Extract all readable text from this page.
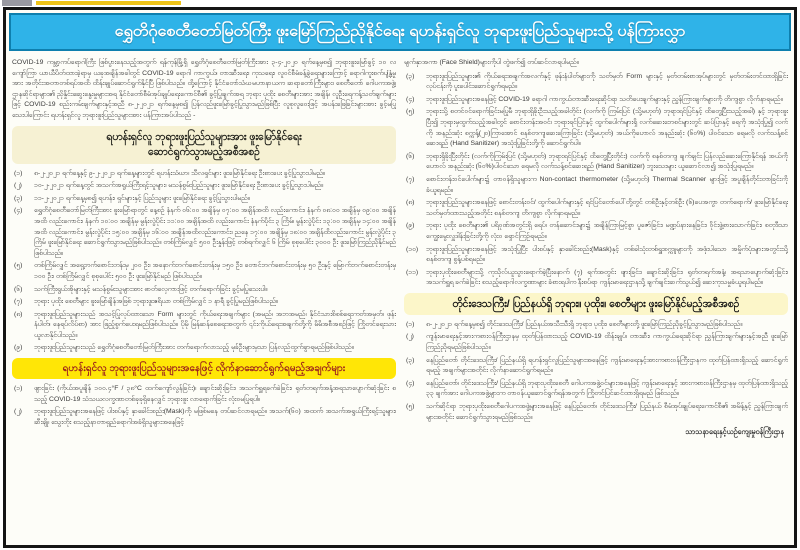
ရွှေတိဂုံစေတီတော်မြတ်ကြီး ဖူးမြော်ကြည်ညိုနိုင်ရေး ရဟန်းရှင်လူ ဘုရားဖူးပြည်သူများသို့ ပန်ကြားလွှာ

COVID-19 ကမ္ဘာ့ကပ်ရောဂါကြီး ဖြစ်ပွားနေသည့်အတွက် ရန်ကုန်မြို့ရှိ ရွှေတိဂုံစေတီတော်မြတ်ကြီးအား ၃-၄-၂၀၂၀ ရက်နေ့မှစ၍ ဘုရားဖူးမြော်ခွင့် ၁၀ လကျော်ကြာ ယာယီပိတ်ထားခဲ့ရာမှ ယခုအချိန်အခါတွင် COVID-19 ရောဂါ ကာကွယ်၊ တားဆီးရေး၊ ကုသရေး၊ လူဝင်စီမံခန့်ခွဲရေးများကြောင့် ရောဂါကူးစက်ပျံ့နှံ့မှုအား အတိုင်းအတာတစ်ရပ်အထိ ထိန်းချုပ်ဆောင်ရွက်နိုင်ပြီ ဖြစ်ပါသည်။ ထို့ကြောင့် နိုင်ငံတော်သံဃမဟာနာယက ဆရာတော်ကြီးများ၊ စေတီတော် ဂေါပကအဖွဲ့၊ ဌာနဆိုင်ရာများ၏ ညှိနှိုင်းဆွေးနွေးမှုများအရ နိုင်ငံတော်စီမံအုပ်ချုပ်ရေးကောင်စီ၏ ခွင့်ပြုချက်အရ ဘုရား ပုထိုး စေတီများအား အချိန်၊ လူဦးရေကန့်သတ်ချက်များဖြင့် COVID-19 စည်းကမ်းချက်များနှင့်အညီ ၈-၂-၂၀၂၁ ရက်နေ့မှစ၍ ပြန်လည်ဖူးမြော်ခွင့်ပြုသွားမည်ဖြစ်ပြီး လူစုလူဝေးဖြင့် အပန်းဖြေခြင်းများအား ခွင့်မပြုသေးပါကြောင်း ရဟန်းရှင်လူ ဘုရားဖူးပြည်သူများအား ပန်ကြားအပ်ပါသည် -

ရဟန်းရှင်လူ ဘုရားဖူးပြည်သူများအား ဖူးမြော်နိုင်ရေး
ဆောင်ရွက်သွားမည့်အစီအစဉ်
(၁)	၈-၂-၂၀၂၁ ရက်နေ့နှင့် ၉-၂-၂၀၂၁ ရက်နေ့များတွင် ရဟန်းသံဃာ၊ သီလရှင်များ ဖူးမြော်နိုင်ရေး ဦးစားပေး ခွင့်ပြုသွားပါမည်။
(၂)	၁၀-၂-၂၀၂၁ ရက်နေ့တွင် အသက်အရွယ်ကြီးရင့်သူများ၊ မသန်စွမ်းပြည်သူများ ဖူးမြော်နိုင်ရေး ဦးစားပေး ခွင့်ပြုသွားပါမည်။
(၃)	၁၁-၂-၂၀၂၁ ရက်နေ့မှစ၍ ရဟန်း၊ ရှင်များနှင့် ပြည်သူများ ဖူးမြော်နိုင်ရေး ခွင့်ပြုသွားပါမည်။
(၄)	ရွှေတိဂုံစေတီတော်မြတ်ကြီးအား ဖူးမြော်ရာတွင် နေ့စဉ် နံနက် ၀၆:၀၀ အချိန်မှ ၀၇:၀၀ အချိန်အထိ လည်းကောင်း၊ နံနက် ၀၈:၀၀ အချိန်မှ ၀၉:၀၀ အချိန်အထိ လည်းကောင်း၊ နံနက် ၁၀:၀၀ အချိန်မှ မွန်းလွဲပိုင်း ၁၁:၀၀ အချိန်အထိ လည်းကောင်း နံနက်ပိုင်း ၃ ကြိမ်၊ မွန်းလွဲပိုင်း ၁၃:၀၀ အချိန်မှ ၁၄:၀၀ အချိန်အထိ လည်းကောင်း၊ မွန်းလွဲပိုင်း ၁၅:၀၀ အချိန်မှ ၁၆:၀၀ အချိန်အထိလည်းကောင်း၊ ညနေ ၁၇:၀၀ အချိန်မှ ၁၈:၀၀ အချိန်ထိလည်းကောင်း မွန်းလွဲပိုင်း ၃ ကြိမ် ဖူးမြော်နိုင်ရေး ဆောင်ရွက်သွားမည်ဖြစ်ပါသည်။ တစ်ကြိမ်လျှင် ၅၀၀ ဦးနှုန်းဖြင့် တစ်ရက်လျှင် ၆ ကြိမ် စုစုပေါင်း ၃၀၀၀ ဦး ဖူးမြော်ကြည်ညိုနိုင်မည်ဖြစ်ပါသည်။
(၅)	တစ်ကြိမ်လျှင် အရှေ့ဘက်စောင်းတန်းမှ ၂၀၀ ဦး၊ အနောက်ဘက်စောင်းတန်းမှ ၁၅၀ ဦး၊ တောင်ဘက်စောင်းတန်းမှ ၅၀ ဦးနှင့် မြောက်ဘက်စောင်းတန်းမှ ၁၀၀ ဦး၊ တစ်ကြိမ်လျှင် စုစုပေါင်း ၅၀၀ ဦး ဖူးမြော်နိုင်မည် ဖြစ်ပါသည်။
(၆)	သက်ကြီးရွယ်အိုများနှင့် မသန်စွမ်းသူများအား ဓာတ်လှေကားဖြင့် တက်ရောက်ခြင်း ခွင့်မပြုသေးပါ။
(၇)	ဘုရား ပုထိုး စေတီများ ဖူးမြော်ချိန်အဖြစ် ဘုရားဖူးဧရိယာ တစ်ကြိမ်လျှင် ၁ နာရီ ခွင့်ပြုမည်ဖြစ်ပါသည်။
(၈)	ဘုရားဖူးပြည်သူများသည် အသင့်ပြုလုပ်ထားသော Form များတွင် ကိုယ်ရေးအချက်များ (အမည်၊ အဘအမည်၊ နိုင်ငံသားစိစစ်ရေးကတ်အမှတ်၊ ဖုန်းနံပါတ်၊ နေရပ်လိပ်စာ) အား ဖြည့်စွက်ပေးရမည်ဖြစ်ပါသည်။ ပိုမို မြန်ဆန်စေရေးအတွက် ၎င်းကိုယ်ရေးအချက်တို့ကို မိမိအစီအစဉ်ဖြင့် ကြိုတင်ရေးသားယူလာနိုင်ပါသည်။
(၉)	ဘုရားဖူးပြည်သူများသည် ရွှေတိဂုံစေတီတော်မြတ်ကြီးအား တက်ရောက်လာသည့် မုခ်ဦးများမှသာ ပြန်လည်ထွက်ခွာရမည်ဖြစ်ပါသည်။
ရဟန်းရှင်လူ ဘုရားဖူးပြည်သူများအနေဖြင့် လိုက်နာဆောင်ရွက်ရမည့်အချက်များ
(၁)	ဖျားခြင်း (ကိုယ်အပူချိန် ၁၀၀.၄°F / ၃၈°C ထက်ကျော်လွန်ခြင်း)၊ ချောင်းဆိုးခြင်း၊ အသက်ရှူရခက်ခဲခြင်း၊ ရုတ်တရက်အနံ့အရသာပျောက်ဆုံးခြင်း စသည့် COVID-19 သံသယလက္ခဏာတစ်ခုခုရှိနေလျှင် ဘုရားဖူး လာရောက်ခြင်း လုံးဝမပြုရပါ။
(၂)	ဘုရားဖူးပြည်သူများအနေဖြင့် ပါးစပ်နှင့် နှာခေါင်းစည်း(Mask)ကို မဖြစ်မနေ တပ်ဆင်လာရမည်။ အသက်(၆၀) အထက် အသက်အရွယ်ကြီးရင့်သူများ၊ ဆီးချို၊ သွေးတိုး စသည့်နာတာရှည်ရောဂါအခံရှိသူများအနေဖြင့်

မျက်နှာအကာ (Face Shield)များကိုပါ တွဲဖက်၍ တပ်ဆင်လာရပါမည်။

(၃)	ဘုရားဖူးပြည်သူများ၏ ကိုယ်ရေးအချက်အလက်နှင့် ဖုန်းနံပါတ်များကို သတ်မှတ် Form များနှင့် မှတ်တမ်းစာအုပ်များတွင် မှတ်တမ်းတင်ထားရှိခြင်းလုပ်ငန်းကို ပူးပေါင်းဆောင်ရွက်ရမည်။
(၄)	ဘုရားဖူးပြည်သူများအနေဖြင့် COVID-19 ရောဂါ ကာကွယ်တားဆီးရေးဆိုင်ရာ သတိပေးချက်များနှင့် ညွှန်ကြားချက်များကို တိကျစွာ လိုက်နာရမည်။
(၅)	ဘုရားသို့ စတင်ဝင်ရောက်ခြင်းမပြုမီ ဘုရားရှိခိုးဦးသည့်အခါတိုင်း (လက်ကို ကြမ်းပြင် (သို့မဟုတ်) ဘုရားရင်ပြင်နှင့် ထိတွေ့ပြီးသည့်အခါ) နှင့် ဘုရားဖူးပြီး၍ ဘုရားမှထွက်သည့်အခါတွင် စောင်းတန်းအဝင်၊ ဘုရားရင်ပြင်နှင့် ထွက်ပေါက်များရှိ လက်ဆေးဘေစင်များတွင် ဆပ်ပြာနှင့် ရေကို အသုံးပြု၍ လက်ကို အနည်းဆုံး စက္ကန့်(၂၀)ကြာအောင် စနစ်တကျဆေးကြောခြင်း (သို့မဟုတ်) အယ်ကိုဟောလ် အနည်းဆုံး (၆၀%) ပါဝင်သော ရေမလို လက်သန့်စင်ဆေးရည် (Hand Sanitizer) အသုံးပြုခြင်းတို့ကို ဆောင်ရွက်ပါ။
(၆)	ဘုရားရှိခိုးပြီးတိုင်း (လက်ကိုကြမ်းပြင် (သို့မဟုတ်) ဘုရားရင်ပြင်နှင့် ထိတွေ့ပြီးတိုင်း) လက်ကို စနစ်တကျ ချက်ချင်း ပြန်လည်ဆေးကြောနိုင်ရန် အယ်ကိုဟောလ် အနည်းဆုံး (၆၀%)ပါဝင်သော ရေမလို လက်သန့်စင်ဆေးရည် (Hand Sanitizer) ဘူးသေးများ ယူဆောင်လာ၍ အသုံးပြုရမည်။
(၇)	စောင်းတန်းဝင်ပေါက်များ၌ တာဝန်ရှိသူများက Non-contact thermometer (သို့မဟုတ်) Thermal Scanner များဖြင့် အပူချိန်တိုင်းတာခြင်းကို ခံယူရမည်။
(၈)	ဘုရားဖူးပြည်သူများအနေဖြင့် စောင်းတန်းဝင်/ ထွက်ပေါက်များနှင့် ရင်ပြင်တော်ပေါ်တို့တွင် တစ်ဦးနှင့်တစ်ဦး (၆)ပေအကွာ တက်ရောက်/ ဖူးမြော်နိုင်ရေး သတ်မှတ်ထားသည့်အတိုင်း စနစ်တကျ တိကျစွာ လိုက်နာရမည်။
(၉)	ဘုရား ပုထိုး စေတီများ၏ ပရိဝုဏ်အတွင်းရှိ ရေပ်၊ တန်ဆောင်းများ၌ အချိန်ကြာမြင့်စွာ ပူဇော်ခြင်း၊ မဏ္ဍပ်နားနေခြင်း၊ ဝိုင်းဖွဲ့စားသောက်ခြင်း၊ စတုဒီသာ ကျွေးမွေးလှူဒါန်းခြင်းတို့ကို လုံးဝ ရှောင်ကြဉ်ရမည်။
(၁၀)	ဘုရားဖူးပြည်သူများအနေဖြင့် အသုံးပြုပြီး ပါးစပ်နှင့် နှာခေါင်းစည်း(Mask)နှင့် တစ်ခါသုံးတစ်ရှူးစက္ကူများကို အဖုံးပါသော အမှိုက်ပုံးများအတွင်းသို့ စနစ်တကျ စွန့်ပစ်ရမည်။
(၁၁)	ဘုရားပုထိုးစေတီများသို့ ကုသိုလ်ယူသွားရောက်ခဲ့ပြီးနောက် (၇) ရက်အတွင်း ဖျားခြင်း၊ ချောင်းဆိုးခြင်း၊ ရုတ်တရက်အနံ့၊ အရသာပျောက်ဆုံးခြင်း၊ အသက်ရှူရ ခက်ခဲခြင်း စသည့်ရောဂါလက္ခဏာများ ခံစားရပါက နီးစပ်ရာ ကျန်းမာရေးဌာနသို့ ချက်ချင်းဆက်သွယ်၍ ဆေးကုသမှုခံယူရပါမည်။
တိုင်းဒေသကြီး/ ပြည်နယ်ရှိ ဘုရား။ ပုထိုး။ စေတီများ ဖူးမြော်နိုင်မည့်အစီအစဉ်
(၁)	၈-၂-၂၀၂၁ ရက်နေ့မှစ၍ တိုင်းဒေသကြီး/ ပြည်နယ်အသီးသီးရှိ ဘုရား၊ ပုထိုး၊ စေတီများတို့ ဖူးမြော်ကြည်ညိုခွင့်ပြုသွားမည်ဖြစ်ပါသည်။
(၂)	ကျန်းမာရေးနှင့်အားကစားဝန်ကြီးဌာနမှ ထုတ်ပြန်ထားသည့် COVID-19 ထိန်းချုပ်၊ တားဆီး၊ ကာကွယ်ရေးဆိုင်ရာ ညွှန်ကြားချက်များနှင့်အညီ ဖူးမြော်ကြည်ညိုရမည်ဖြစ်ပါသည်။
(၃)	နေပြည်တော် တိုင်းဒေသကြီး/ ပြည်နယ်ရှိ ရဟန်းရှင်လူပြည်သူများအနေဖြင့် ကျန်းမာရေးနှင့်အားကစားဝန်ကြီးဌာနက ထုတ်ပြန်ထားရှိသည့် ဆောင်ရွက်ရမည့် အချက်များအတိုင်း လိုက်နာဆောင်ရွက်ရမည်။
(၄)	နေပြည်တော်၊ တိုင်းဒေသကြီး/ ပြည်နယ်ရှိ ဘုရားပုထိုးစေတီ ဂေါပကအဖွဲ့ဝင်များအနေဖြင့် ကျန်းမာရေးနှင့် အားကစားဝန်ကြီးဌာနမှ ထုတ်ပြန်ထားရှိသည့် ၃၃ ချက်အား ဂေါပကအဖွဲ့များက တာဝန်ယူဆောင်ရွက်ရန်အတွက် ကြိုတင်ပြင်ဆင်ထားရှိရမည် ဖြစ်သည်။
(၅)	သက်ဆိုင်ရာ ဘုရားပုထိုးစေတီဂေါပကအဖွဲ့များအနေဖြင့် နေပြည်တော်၊ တိုင်းဒေသကြီး/ ပြည်နယ် စီမံအုပ်ချုပ်ရေးကောင်စီ၏ အမိန့်နှင့် ညွှန်ကြားချက်များအတိုင်း ဆောင်ရွက်သွားရမည်ဖြစ်သည်။
သာသနာရေးနှင့်ယဉ်ကျေးမှုဝန်ကြီးဌာန
